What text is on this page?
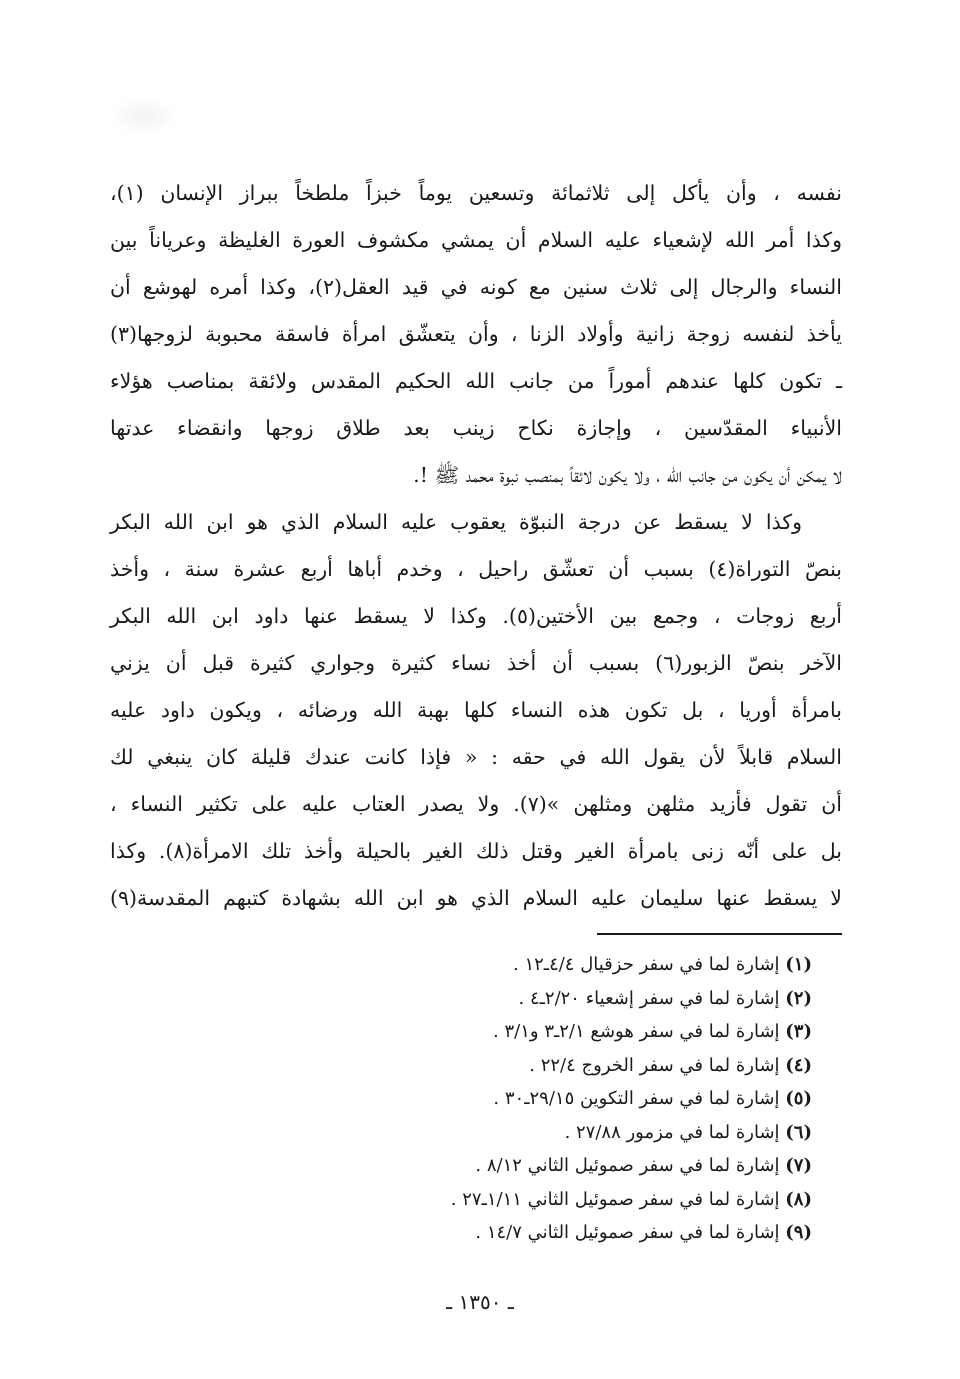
نفسه ، وأن يأكل إلى ثلاثمائة وتسعين يوماً خبزاً ملطخاً ببراز الإنسان (١)،
وكذا أمر الله لإشعياء عليه السلام أن يمشي مكشوف العورة الغليظة وعرياناً بين
النساء والرجال إلى ثلاث سنين مع كونه في قيد العقل(٢)، وكذا أمره لهوشع أن
يأخذ لنفسه زوجة زانية وأولاد الزنا ، وأن يتعشّق امرأة فاسقة محبوبة لزوجها(٣)
ـ تكون كلها عندهم أموراً من جانب الله الحكيم المقدس ولائقة بمناصب هؤلاء
الأنبياء المقدّسين ، وإجازة نكاح زينب بعد طلاق زوجها وانقضاء عدتها
لا يمكن أن يكون من جانب الله ، ولا يكون لائقاً بمنصب نبوة محمد ﷺ !.
وكذا لا يسقط عن درجة النبوّة يعقوب عليه السلام الذي هو ابن الله البكر
بنصّ التوراة(٤) بسبب أن تعشّق راحيل ، وخدم أباها أربع عشرة سنة ، وأخذ
أربع زوجات ، وجمع بين الأختين(٥). وكذا لا يسقط عنها داود ابن الله البكر
الآخر بنصّ الزبور(٦) بسبب أن أخذ نساء كثيرة وجواري كثيرة قبل أن يزني
بامرأة أوريا ، بل تكون هذه النساء كلها بهبة الله ورضائه ، ويكون داود عليه
السلام قابلاً لأن يقول الله في حقه : « فإذا كانت عندك قليلة كان ينبغي لك
أن تقول فأزيد مثلهن ومثلهن »(٧). ولا يصدر العتاب عليه على تكثير النساء ،
بل على أنّه زنى بامرأة الغير وقتل ذلك الغير بالحيلة وأخذ تلك الامرأة(٨). وكذا
لا يسقط عنها سليمان عليه السلام الذي هو ابن الله بشهادة كتبهم المقدسة(٩)
(١) إشارة لما في سفر حزقيال ٤/٤ـ١٢ .
(٢) إشارة لما في سفر إشعياء ٢/٢٠ـ٤ .
(٣) إشارة لما في سفر هوشع ٢/١ـ٣ و٣/١ .
(٤) إشارة لما في سفر الخروج ٢٢/٤ .
(٥) إشارة لما في سفر التكوين ٢٩/١٥ـ٣٠ .
(٦) إشارة لما في مزمور ٢٧/٨٨ .
(٧) إشارة لما في سفر صموئيل الثاني ٨/١٢ .
(٨) إشارة لما في سفر صموئيل الثاني ١/١١ـ٢٧ .
(٩) إشارة لما في سفر صموئيل الثاني ١٤/٧ .
ـ ١٣٥٠ ـ
